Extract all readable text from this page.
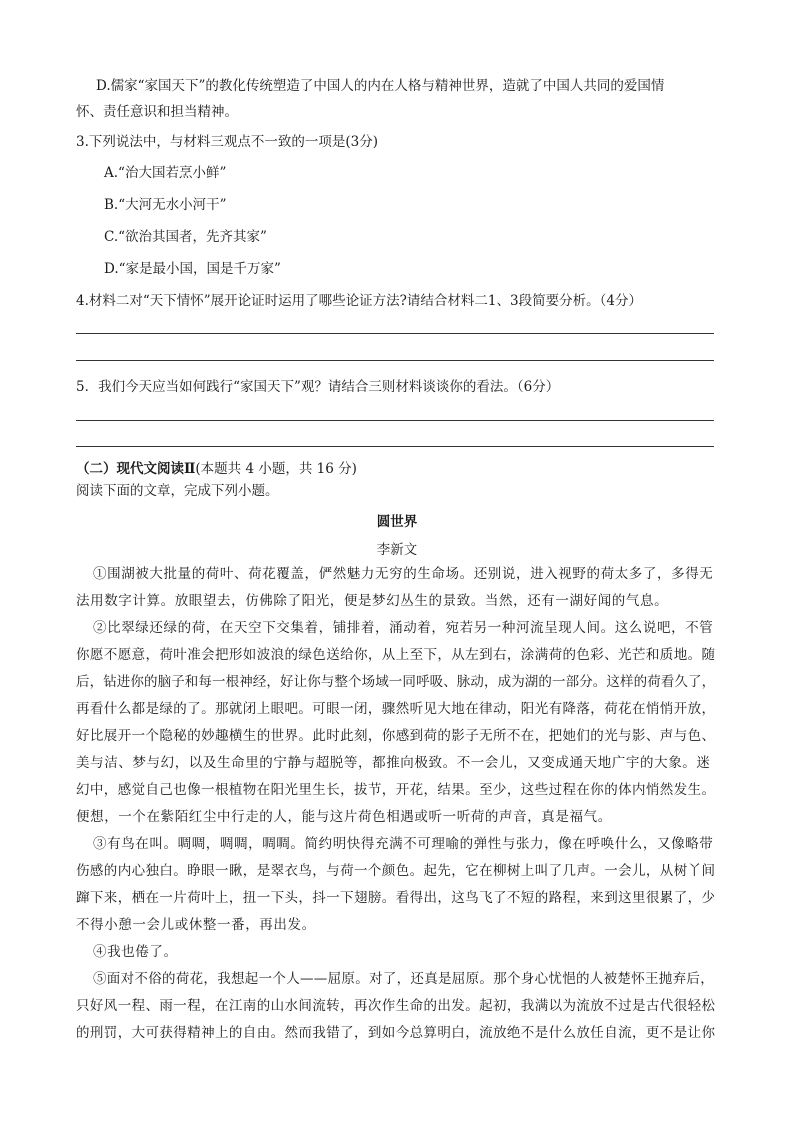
D.儒家“家国天下”的教化传统塑造了中国人的内在人格与精神世界，造就了中国人共同的爱国情
怀、责任意识和担当精神。
3.下列说法中，与材料三观点不一致的一项是(3分)
A.“治大国若烹小鲜”
B.“大河无水小河干”
C.“欲治其国者，先齐其家”
D.“家是最小国，国是千万家”
4.材料二对“天下情怀”展开论证时运用了哪些论证方法?请结合材料二1、3段简要分析。（4分）
5．我们今天应当如何践行“家国天下”观？请结合三则材料谈谈你的看法。（6分）
（二）现代文阅读Ⅱ(本题共 4 小题，共 16 分)
阅读下面的文章，完成下列小题。
圆世界
李新文
①围湖被大批量的荷叶、荷花覆盖，俨然魅力无穷的生命场。还别说，进入视野的荷太多了，多得无
法用数字计算。放眼望去，仿佛除了阳光，便是梦幻丛生的景致。当然，还有一湖好闻的气息。
②比翠绿还绿的荷，在天空下交集着，铺排着，涌动着，宛若另一种河流呈现人间。这么说吧，不管
你愿不愿意，荷叶准会把形如波浪的绿色送给你，从上至下，从左到右，涂满荷的色彩、光芒和质地。随
后，钻进你的脑子和每一根神经，好让你与整个场域一同呼吸、脉动，成为湖的一部分。这样的荷看久了，
再看什么都是绿的了。那就闭上眼吧。可眼一闭，骤然听见大地在律动，阳光有降落，荷花在悄悄开放，
好比展开一个隐秘的妙趣横生的世界。此时此刻，你感到荷的影子无所不在，把她们的光与影、声与色、
美与洁、梦与幻，以及生命里的宁静与超脱等，都推向极致。不一会儿，又变成通天地广宇的大象。迷
幻中，感觉自己也像一根植物在阳光里生长，拔节，开花，结果。至少，这些过程在你的体内悄然发生。
便想，一个在紫陌红尘中行走的人，能与这片荷色相遇或听一听荷的声音，真是福气。
③有鸟在叫。啁啁，啁啁，啁啁。简约明快得充满不可理喻的弹性与张力，像在呼唤什么，又像略带
伤感的内心独白。睁眼一瞅，是翠衣鸟，与荷一个颜色。起先，它在柳树上叫了几声。一会儿，从树丫间
蹿下来，栖在一片荷叶上，扭一下头，抖一下翅膀。看得出，这鸟飞了不短的路程，来到这里很累了，少
不得小憩一会儿或休整一番，再出发。
④我也倦了。
⑤面对不俗的荷花，我想起一个人——屈原。对了，还真是屈原。那个身心忧悒的人被楚怀王抛弃后，
只好风一程、雨一程，在江南的山水间流转，再次作生命的出发。起初，我满以为流放不过是古代很轻松
的刑罚，大可获得精神上的自由。然而我错了，到如今总算明白，流放绝不是什么放任自流，更不是让你
